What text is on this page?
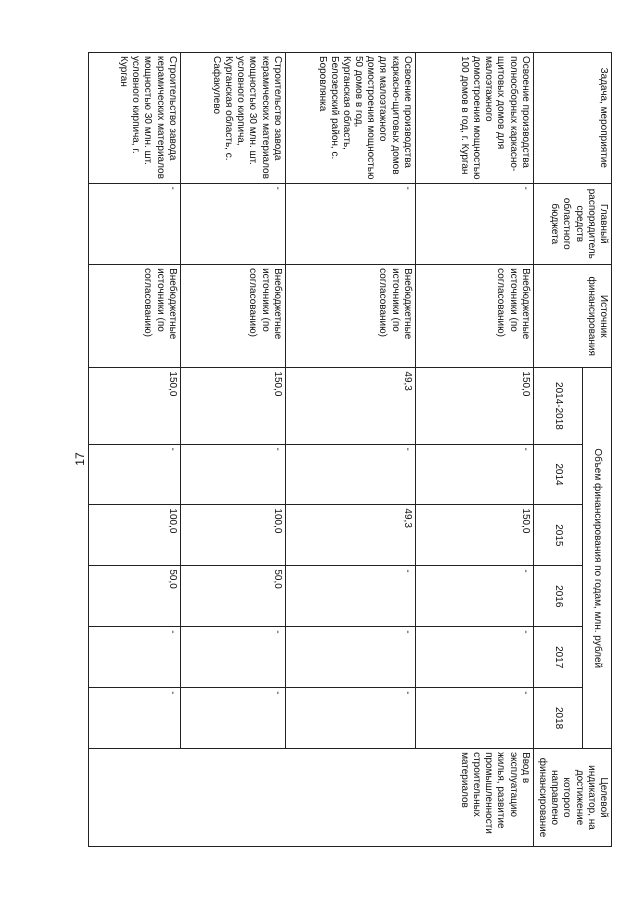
17
Задача, мероприятие	Главный распорядитель средств областного бюджета	Источник финансирования	Объем финансирования по годам, млн. рублей						Целевой индикатор, на достижение которого направлено финансирование
			2014-2018	2014	2015	2016	2017	2018	
Освоение производства полносборных каркасно-щитовых домов для малоэтажного домостроения мощностью 100 домов в год, г. Курган	-	Внебюджетные источники (по согласованию)	150,0	-	150,0	-	-	-	Ввод в эксплуатацию жилья, развитие промышленности строительных материалов
Освоение производства каркасно-щитовых домов для малоэтажного домостроения мощностью 50 домов в год, Курганская область, Белозерский район, с. Боровлянка	-	Внебюджетные источники (по согласованию)	49,3	-	49,3	-	-	-	
Строительство завода керамических материалов мощностью 30 млн. шт. условного кирпича, Курганская область, с. Сафакулево	-	Внебюджетные источники (по согласованию)	150,0	-	100,0	50,0	-	-	
Строительство завода керамических материалов мощностью 30 млн. шт. условного кирпича, г. Курган	-	Внебюджетные источники (по согласованию)	150,0	-	100,0	50,0	-	-	
